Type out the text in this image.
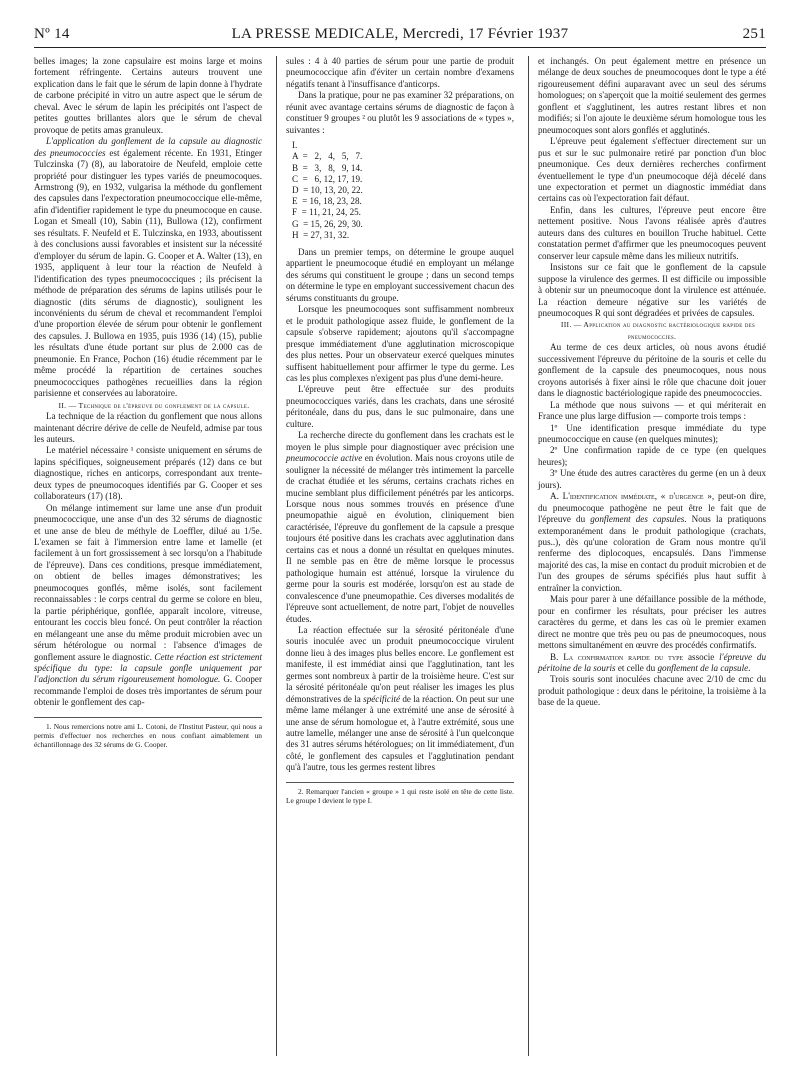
Nº 14	LA PRESSE MEDICALE, Mercredi, 17 Février 1937	251

belles images; la zone capsulaire est moins large et moins fortement réfringente. Certains auteurs trouvent une explication dans le fait que le sérum de lapin donne à l'hydrate de carbone précipité in vitro un autre aspect que le sérum de cheval. Avec le sérum de lapin les précipités ont l'aspect de petites gouttes brillantes alors que le sérum de cheval provoque de petits amas granuleux.

L'application du gonflement de la capsule au diagnostic des pneumococcies est également récente. En 1931, Etinger Tulczinska (7) (8), au laboratoire de Neufeld, emploie cette propriété pour distinguer les types variés de pneumocoques. Armstrong (9), en 1932, vulgarisa la méthode du gonflement des capsules dans l'expectoration pneumococcique elle-même, afin d'identifier rapidement le type du pneumocoque en cause. Logan et Smeall (10), Sabin (11), Bullowa (12), confirment ses résultats. F. Neufeld et E. Tulczinska, en 1933, aboutissent à des conclusions aussi favorables et insistent sur la nécessité d'employer du sérum de lapin. G. Cooper et A. Walter (13), en 1935, appliquent à leur tour la réaction de Neufeld à l'identification des types pneumococciques ; ils précisent la méthode de préparation des sérums de lapins utilisés pour le diagnostic (dits sérums de diagnostic), soulignent les inconvénients du sérum de cheval et recommandent l'emploi d'une proportion élevée de sérum pour obtenir le gonflement des capsules. J. Bullowa en 1935, puis 1936 (14) (15), publie les résultats d'une étude portant sur plus de 2.000 cas de pneumonie. En France, Pochon (16) étudie récemment par le même procédé la répartition de certaines souches pneumococciques pathogènes recueillies dans la région parisienne et conservées au laboratoire.

II. — Technique de l'épreuve du gonflement de la capsule.

La technique de la réaction du gonflement que nous allons maintenant décrire dérive de celle de Neufeld, admise par tous les auteurs.

Le matériel nécessaire ¹ consiste uniquement en sérums de lapins spécifiques, soigneusement préparés (12) dans ce but diagnostique, riches en anticorps, correspondant aux trente-deux types de pneumocoques identifiés par G. Cooper et ses collaborateurs (17) (18).

On mélange intimement sur lame une anse d'un produit pneumococcique, une anse d'un des 32 sérums de diagnostic et une anse de bleu de méthyle de Loeffler, dilué au 1/5e. L'examen se fait à l'immersion entre lame et lamelle (et facilement à un fort grossissement à sec lorsqu'on a l'habitude de l'épreuve). Dans ces conditions, presque immédiatement, on obtient de belles images démonstratives; les pneumocoques gonflés, même isolés, sont facilement reconnaissables : le corps central du germe se colore en bleu, la partie périphérique, gonflée, apparaît incolore, vitreuse, entourant les coccis bleu foncé. On peut contrôler la réaction en mélangeant une anse du même produit microbien avec un sérum hétérologue ou normal : l'absence d'images de gonflement assure le diagnostic. Cette réaction est strictement spécifique du type: la capsule gonfle uniquement par l'adjonction du sérum rigoureusement homologue. G. Cooper recommande l'emploi de doses très importantes de sérum pour obtenir le gonflement des cap-

1. Nous remercions notre ami L. Cotoni, de l'Institut Pasteur, qui nous a permis d'effectuer nos recherches en nous confiant aimablement un échantillonnage des 32 sérums de G. Cooper.

sules : 4 à 40 parties de sérum pour une partie de produit pneumococcique afin d'éviter un certain nombre d'examens négatifs tenant à l'insuffisance d'anticorps.

Dans la pratique, pour ne pas examiner 32 préparations, on réunit avec avantage certains sérums de diagnostic de façon à constituer 9 groupes ² ou plutôt les 9 associations de « types », suivantes :

I.
A  =   2,   4,   5,   7.
B  =   3,   8,   9, 14.
C  =   6, 12, 17, 19.
D  = 10, 13, 20, 22.
E  = 16, 18, 23, 28.
F  = 11, 21, 24, 25.
G  = 15, 26, 29, 30.
H  = 27, 31, 32.

Dans un premier temps, on détermine le groupe auquel appartient le pneumocoque étudié en employant un mélange des sérums qui constituent le groupe ; dans un second temps on détermine le type en employant successivement chacun des sérums constituants du groupe.

Lorsque les pneumocoques sont suffisamment nombreux et le produit pathologique assez fluide, le gonflement de la capsule s'observe rapidement; ajoutons qu'il s'accompagne presque immédiatement d'une agglutination microscopique des plus nettes. Pour un observateur exercé quelques minutes suffisent habituellement pour affirmer le type du germe. Les cas les plus complexes n'exigent pas plus d'une demi-heure.

L'épreuve peut être effectuée sur des produits pneumococciques variés, dans les crachats, dans une sérosité péritonéale, dans du pus, dans le suc pulmonaire, dans une culture.

La recherche directe du gonflement dans les crachats est le moyen le plus simple pour diagnostiquer avec précision une pneumococcie active en évolution. Mais nous croyons utile de souligner la nécessité de mélanger très intimement la parcelle de crachat étudiée et les sérums, certains crachats riches en mucine semblant plus difficilement pénétrés par les anticorps. Lorsque nous nous sommes trouvés en présence d'une pneumopathie aiguë en évolution, cliniquement bien caractérisée, l'épreuve du gonflement de la capsule a presque toujours été positive dans les crachats avec agglutination dans certains cas et nous a donné un résultat en quelques minutes. Il ne semble pas en être de même lorsque le processus pathologique humain est atténué, lorsque la virulence du germe pour la souris est modérée, lorsqu'on est au stade de convalescence d'une pneumopathie. Ces diverses modalités de l'épreuve sont actuellement, de notre part, l'objet de nouvelles études.

La réaction effectuée sur la sérosité péritonéale d'une souris inoculée avec un produit pneumococcique virulent donne lieu à des images plus belles encore. Le gonflement est manifeste, il est immédiat ainsi que l'agglutination, tant les germes sont nombreux à partir de la troisième heure. C'est sur la sérosité péritonéale qu'on peut réaliser les images les plus démonstratives de la spécificité de la réaction. On peut sur une même lame mélanger à une extrémité une anse de sérosité à une anse de sérum homologue et, à l'autre extrémité, sous une autre lamelle, mélanger une anse de sérosité à l'un quelconque des 31 autres sérums hétérologues; on lit immédiatement, d'un côté, le gonflement des capsules et l'agglutination pendant qu'à l'autre, tous les germes restent libres

2. Remarquer l'ancien « groupe » 1 qui reste isolé en tête de cette liste. Le groupe I devient le type I.

et inchangés. On peut également mettre en présence un mélange de deux souches de pneumocoques dont le type a été rigoureusement défini auparavant avec un seul des sérums homologues; on s'aperçoit que la moitié seulement des germes gonflent et s'agglutinent, les autres restant libres et non modifiés; si l'on ajoute le deuxième sérum homologue tous les pneumocoques sont alors gonflés et agglutinés.

L'épreuve peut également s'effectuer directement sur un pus et sur le suc pulmonaire retiré par ponction d'un bloc pneumonique. Ces deux dernières recherches confirment éventuellement le type d'un pneumocoque déjà décelé dans une expectoration et permet un diagnostic immédiat dans certains cas où l'expectoration fait défaut.

Enfin, dans les cultures, l'épreuve peut encore être nettement positive. Nous l'avons réalisée après d'autres auteurs dans des cultures en bouillon Truche habituel. Cette constatation permet d'affirmer que les pneumocoques peuvent conserver leur capsule même dans les milieux nutritifs.

Insistons sur ce fait que le gonflement de la capsule suppose la virulence des germes. Il est difficile ou impossible à obtenir sur un pneumocoque dont la virulence est atténuée. La réaction demeure négative sur les variétés de pneumocoques R qui sont dégradées et privées de capsules.

III. — Application au diagnostic bactériologique rapide des pneumococcies.

Au terme de ces deux articles, où nous avons étudié successivement l'épreuve du péritoine de la souris et celle du gonflement de la capsule des pneumocoques, nous nous croyons autorisés à fixer ainsi le rôle que chacune doit jouer dans le diagnostic bactériologique rapide des pneumococcies.

La méthode que nous suivons — et qui mériterait en France une plus large diffusion — comporte trois temps :

1º Une identification presque immédiate du type pneumococcique en cause (en quelques minutes);

2º Une confirmation rapide de ce type (en quelques heures);

3º Une étude des autres caractères du germe (en un à deux jours).

A. L'identification immédiate, « d'urgence », peut-on dire, du pneumocoque pathogène ne peut être le fait que de l'épreuve du gonflement des capsules. Nous la pratiquons extemporanément dans le produit pathologique (crachats, pus..), dès qu'une coloration de Gram nous montre qu'il renferme des diplocoques, encapsulés. Dans l'immense majorité des cas, la mise en contact du produit microbien et de l'un des groupes de sérums spécifiés plus haut suffit à entraîner la conviction.

Mais pour parer à une défaillance possible de la méthode, pour en confirmer les résultats, pour préciser les autres caractères du germe, et dans les cas où le premier examen direct ne montre que très peu ou pas de pneumocoques, nous mettons simultanément en œuvre des procédés confirmatifs.

B. La confirmation rapide du type associe l'épreuve du péritoine de la souris et celle du gonflement de la capsule.

Trois souris sont inoculées chacune avec 2/10 de cmc du produit pathologique : deux dans le péritoine, la troisième à la base de la queue.
